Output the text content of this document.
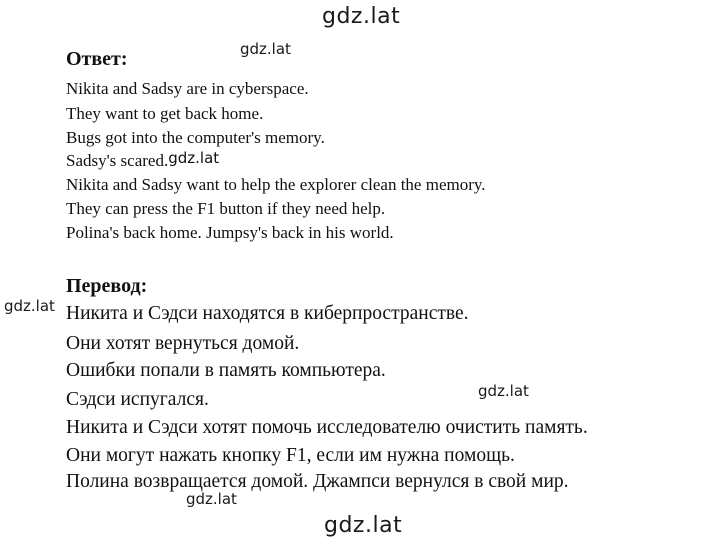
gdz.lat
gdz.lat
gdz.lat
gdz.lat
gdz.lat
Ответ:
Nikita and Sadsy are in cyberspace.
They want to get back home.
Bugs got into the computer's memory.
Sadsy's scared.gdz.lat
Nikita and Sadsy want to help the explorer clean the memory.
They can press the F1 button if they need help.
Polina's back home. Jumpsy's back in his world.
Перевод:
Никита и Сэдси находятся в киберпространстве.
Они хотят вернуться домой.
Ошибки попали в память компьютера.
Сэдси испугался.
Никита и Сэдси хотят помочь исследователю очистить память.
Они могут нажать кнопку F1, если им нужна помощь.
Полина возвращается домой. Джампси вернулся в свой мир.
gdz.lat
